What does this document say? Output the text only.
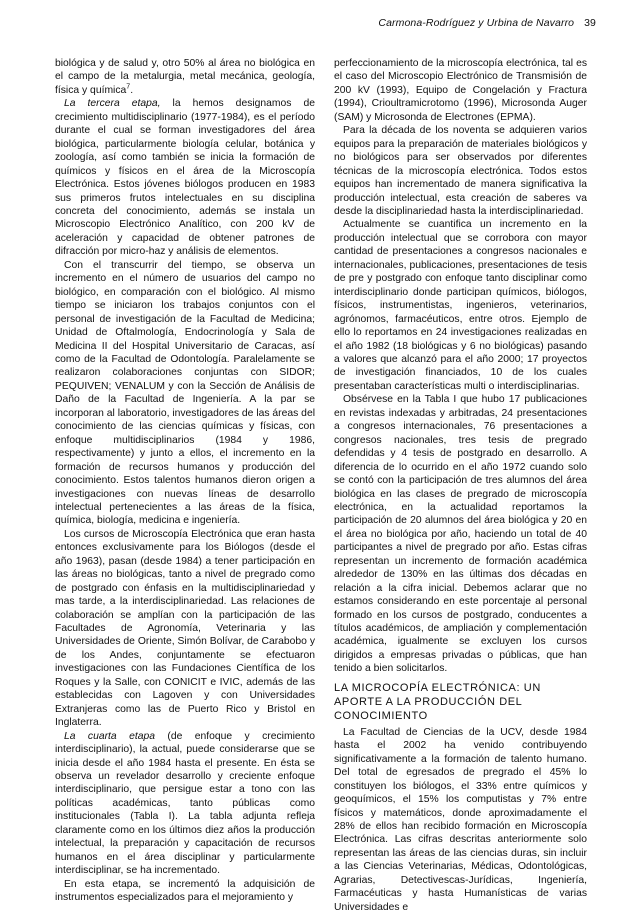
Carmona-Rodríguez y Urbina de Navarro 39

biológica y de salud y, otro 50% al área no biológica en el campo de la metalurgia, metal mecánica, geología, física y química$^7$.

La tercera etapa, la hemos designamos de crecimiento multidisciplinario (1977-1984), es el período durante el cual se forman investigadores del área biológica, particularmente biología celular, botánica y zoología, así como también se inicia la formación de químicos y físicos en el área de la Microscopía Electrónica. Estos jóvenes biólogos producen en 1983 sus primeros frutos intelectuales en su disciplina concreta del conocimiento, además se instala un Microscopio Electrónico Analítico, con 200 kV de aceleración y capacidad de obtener patrones de difracción por micro-haz y análisis de elementos.

Con el transcurrir del tiempo, se observa un incremento en el número de usuarios del campo no biológico, en comparación con el biológico. Al mismo tiempo se iniciaron los trabajos conjuntos con el personal de investigación de la Facultad de Medicina; Unidad de Oftalmología, Endocrinología y Sala de Medicina II del Hospital Universitario de Caracas, así como de la Facultad de Odontología. Paralelamente se realizaron colaboraciones conjuntas con SIDOR; PEQUIVEN; VENALUM y con la Sección de Análisis de Daño de la Facultad de Ingeniería. A la par se incorporan al laboratorio, investigadores de las áreas del conocimiento de las ciencias químicas y físicas, con enfoque multidisciplinarios (1984 y 1986, respectivamente) y junto a ellos, el incremento en la formación de recursos humanos y producción del conocimiento. Estos talentos humanos dieron origen a investigaciones con nuevas líneas de desarrollo intelectual pertenecientes a las áreas de la física, química, biología, medicina e ingeniería.

Los cursos de Microscopía Electrónica que eran hasta entonces exclusivamente para los Biólogos (desde el año 1963), pasan (desde 1984) a tener participación en las áreas no biológicas, tanto a nivel de pregrado como de postgrado con énfasis en la multidisciplinariedad y mas tarde, a la interdisciplinariedad. Las relaciones de colaboración se amplían con la participación de las Facultades de Agronomía, Veterinaria y las Universidades de Oriente, Simón Bolívar, de Carabobo y de los Andes, conjuntamente se efectuaron investigaciones con las Fundaciones Científica de los Roques y la Salle, con CONICIT e IVIC, además de las establecidas con Lagoven y con Universidades Extranjeras como las de Puerto Rico y Bristol en Inglaterra.

La cuarta etapa (de enfoque y crecimiento interdisciplinario), la actual, puede considerarse que se inicia desde el año 1984 hasta el presente. En ésta se observa un revelador desarrollo y creciente enfoque interdisciplinario, que persigue estar a tono con las políticas académicas, tanto públicas como institucionales (Tabla I). La tabla adjunta refleja claramente como en los últimos diez años la producción intelectual, la preparación y capacitación de recursos humanos en el área disciplinar y particularmente interdisciplinar, se ha incrementado.

En esta etapa, se incrementó la adquisición de instrumentos especializados para el mejoramiento y

perfeccionamiento de la microscopía electrónica, tal es el caso del Microscopio Electrónico de Transmisión de 200 kV (1993), Equipo de Congelación y Fractura (1994), Crioultramicrotomo (1996), Microsonda Auger (SAM) y Microsonda de Electrones (EPMA).

Para la década de los noventa se adquieren varios equipos para la preparación de materiales biológicos y no biológicos para ser observados por diferentes técnicas de la microscopía electrónica. Todos estos equipos han incrementado de manera significativa la producción intelectual, esta creación de saberes va desde la disciplinariedad hasta la interdisciplinariedad.

Actualmente se cuantifica un incremento en la producción intelectual que se corrobora con mayor cantidad de presentaciones a congresos nacionales e internacionales, publicaciones, presentaciones de tesis de pre y postgrado con enfoque tanto disciplinar como interdisciplinario donde participan químicos, biólogos, físicos, instrumentistas, ingenieros, veterinarios, agrónomos, farmacéuticos, entre otros. Ejemplo de ello lo reportamos en 24 investigaciones realizadas en el año 1982 (18 biológicas y 6 no biológicas) pasando a valores que alcanzó para el año 2000; 17 proyectos de investigación financiados, 10 de los cuales presentaban características multi o interdisciplinarias.

Obsérvese en la Tabla I que hubo 17 publicaciones en revistas indexadas y arbitradas, 24 presentaciones a congresos internacionales, 76 presentaciones a congresos nacionales, tres tesis de pregrado defendidas y 4 tesis de postgrado en desarrollo. A diferencia de lo ocurrido en el año 1972 cuando solo se contó con la participación de tres alumnos del área biológica en las clases de pregrado de microscopía electrónica, en la actualidad reportamos la participación de 20 alumnos del área biológica y 20 en el área no biológica por año, haciendo un total de 40 participantes a nivel de pregrado por año. Estas cifras representan un incremento de formación académica alrededor de 130% en las últimas dos décadas en relación a la cifra inicial. Debemos aclarar que no estamos considerando en este porcentaje al personal formado en los cursos de postgrado, conducentes a títulos académicos, de ampliación y complementación académica, igualmente se excluyen los cursos dirigidos a empresas privadas o públicas, que han tenido a bien solicitarlos.

LA MICROCOPÍA ELECTRÓNICA: UN APORTE A LA PRODUCCIÓN DEL CONOCIMIENTO

La Facultad de Ciencias de la UCV, desde 1984 hasta el 2002 ha venido contribuyendo significativamente a la formación de talento humano. Del total de egresados de pregrado el 45% lo constituyen los biólogos, el 33% entre químicos y geoquímicos, el 15% los computistas y 7% entre físicos y matemáticos, donde aproximadamente el 28% de ellos han recibido formación en Microscopía Electrónica. Las cifras descritas anteriormente solo representan las áreas de las ciencias duras, sin incluir a las Ciencias Veterinarias, Médicas, Odontológicas, Agrarias, Detectivescas-Jurídicas, Ingeniería, Farmacéuticas y hasta Humanísticas de varias Universidades e
